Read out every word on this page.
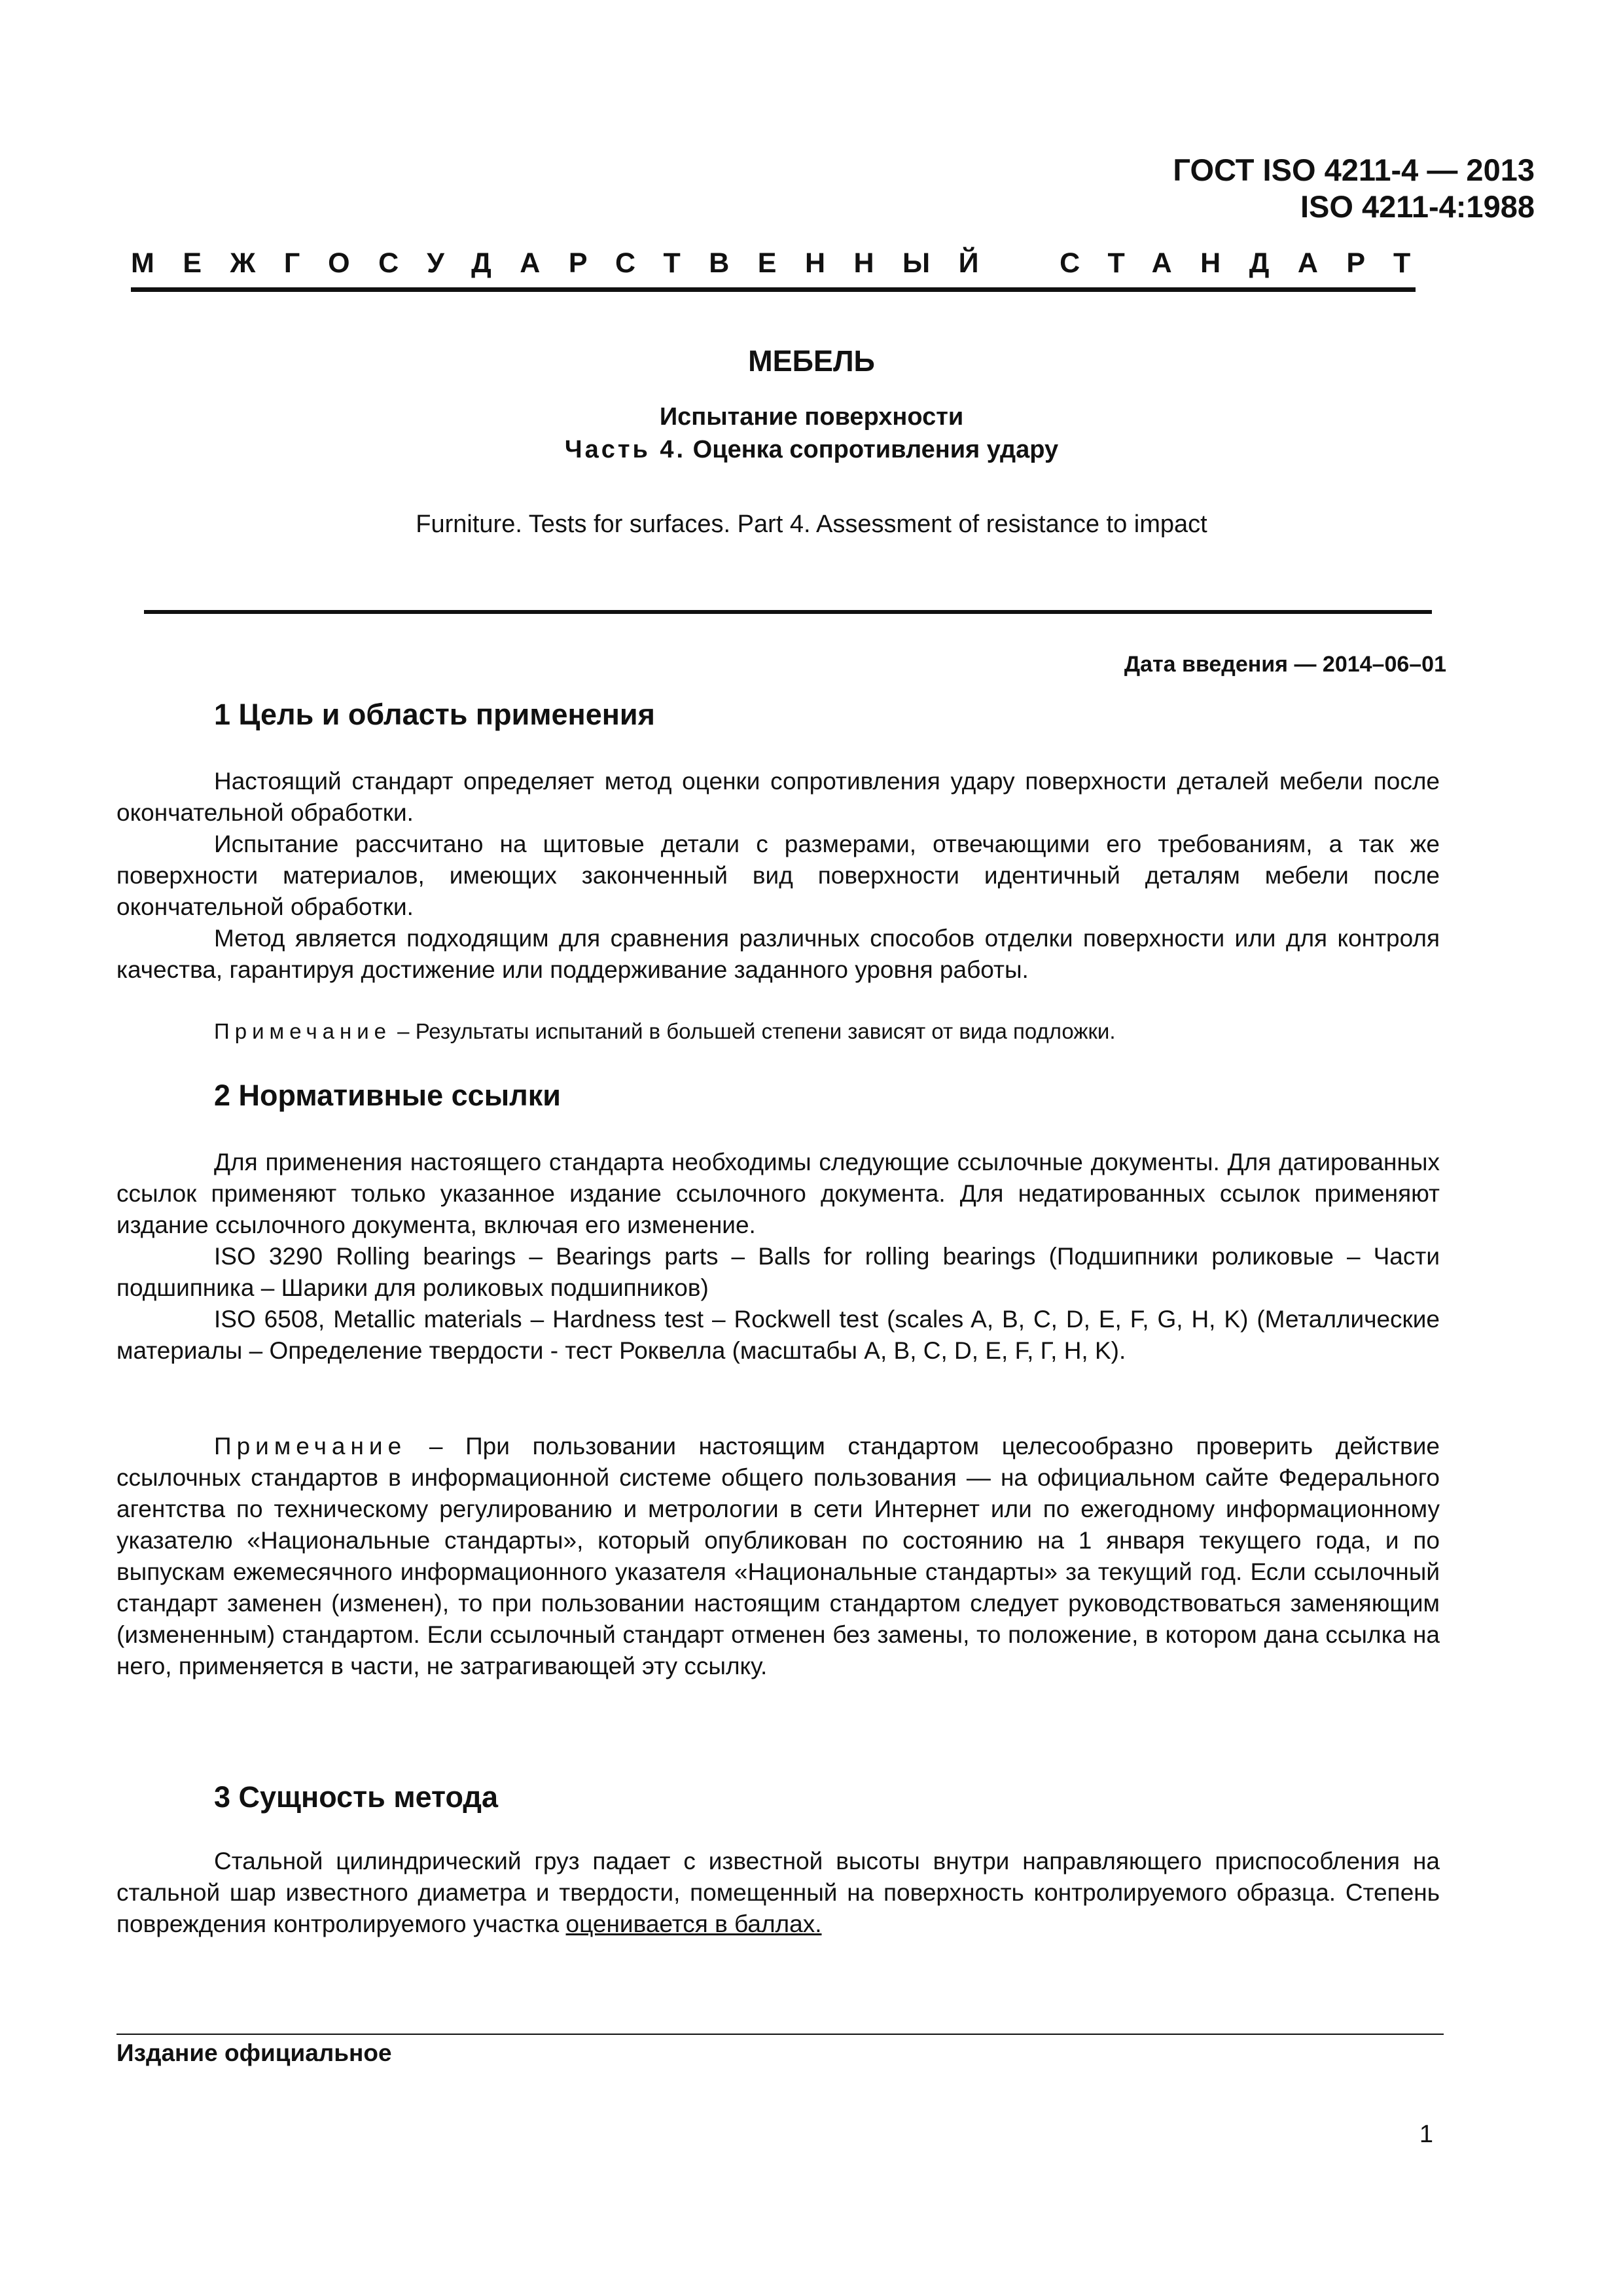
ГОСТ ISO 4211-4 — 2013
ISO 4211-4:1988
МЕЖГОСУДАРСТВЕННЫЙ СТАНДАРТ
МЕБЕЛЬ
Испытание поверхности
Часть 4. Оценка сопротивления удару
Furniture. Tests for surfaces. Part 4. Assessment of resistance to impact
Дата введения — 2014–06–01
1 Цель и область применения

Настоящий стандарт определяет метод оценки сопротивления удару поверхности деталей мебели после окончательной обработки.

Испытание рассчитано на щитовые детали с размерами, отвечающими его требованиям, а так же поверхности материалов, имеющих законченный вид поверхности идентичный деталям мебели после окончательной обработки.

Метод является подходящим для сравнения различных способов отделки поверхности или для контроля качества, гарантируя достижение или поддерживание заданного уровня работы.

Примечание – Результаты испытаний в большей степени зависят от вида подложки.

2 Нормативные ссылки

Для применения настоящего стандарта необходимы следующие ссылочные документы. Для датированных ссылок применяют только указанное издание ссылочного документа. Для недатированных ссылок применяют издание ссылочного документа, включая его изменение.

ISO 3290 Rolling bearings – Bearings parts – Balls for rolling bearings (Подшипники роликовые – Части подшипника – Шарики для роликовых подшипников)

ISO 6508, Metallic materials – Hardness test – Rockwell test (scales A, B, C, D, E, F, G, H, K) (Металлические материалы – Определение твердости - тест Роквелла (масштабы A, B, C, D, E, F, Г, H, K).

Примечание – При пользовании настоящим стандартом целесообразно проверить действие ссылочных стандартов в информационной системе общего пользования — на официальном сайте Федерального агентства по техническому регулированию и метрологии в сети Интернет или по ежегодному информационному указателю «Национальные стандарты», который опубликован по состоянию на 1 января текущего года, и по выпускам ежемесячного информационного указателя «Национальные стандарты» за текущий год. Если ссылочный стандарт заменен (изменен), то при пользовании настоящим стандартом следует руководствоваться заменяющим (измененным) стандартом. Если ссылочный стандарт отменен без замены, то положение, в котором дана ссылка на него, применяется в части, не затрагивающей эту ссылку.

3 Сущность метода

Стальной цилиндрический груз падает с известной высоты внутри направляющего приспособления на стальной шар известного диаметра и твердости, помещенный на поверхность контролируемого образца. Степень повреждения контролируемого участка оценивается в баллах.

Издание официальное
1
